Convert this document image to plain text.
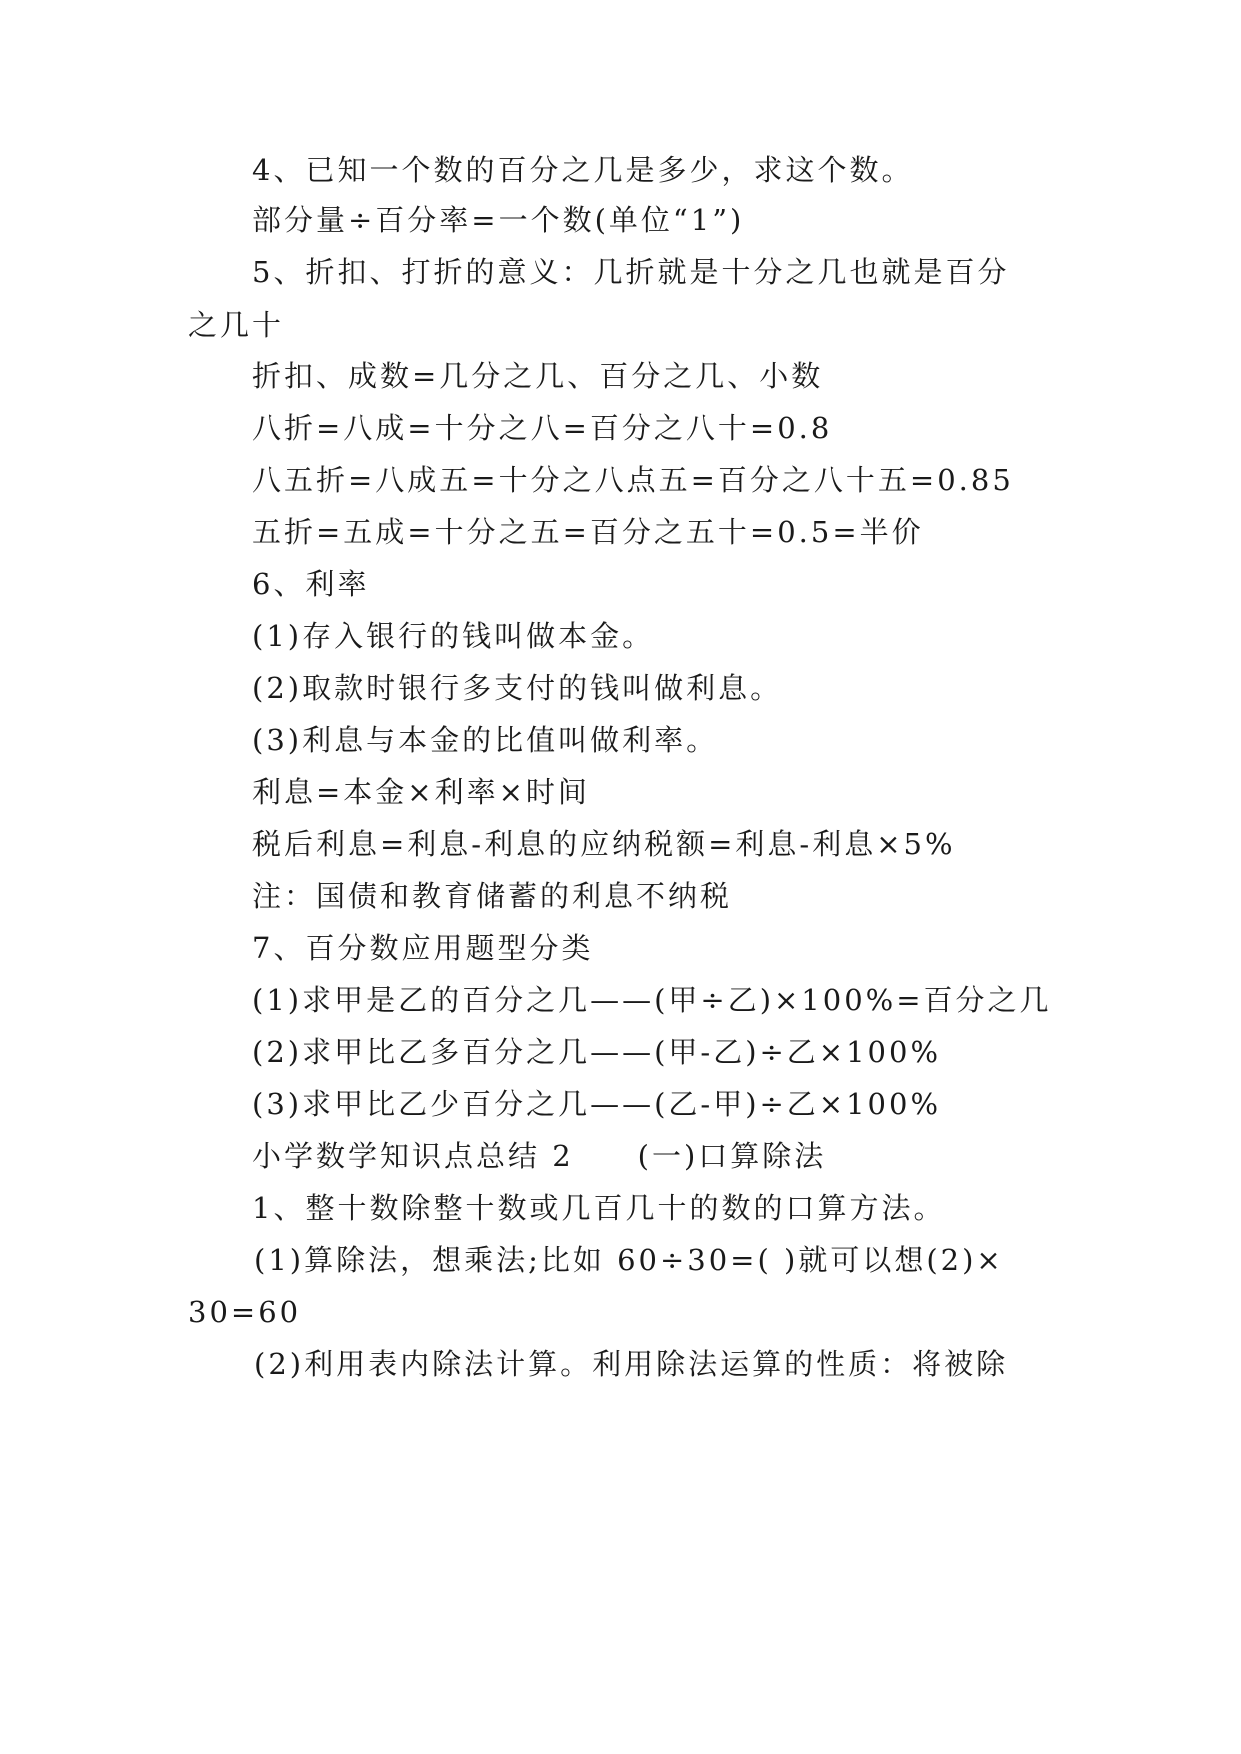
4、已知一个数的百分之几是多少，求这个数。
部分量÷百分率=一个数(单位“1”)
5、折扣、打折的意义：几折就是十分之几也就是百分
之几十
折扣、成数=几分之几、百分之几、小数
八折=八成=十分之八=百分之八十=0.8
八五折=八成五=十分之八点五=百分之八十五=0.85
五折=五成=十分之五=百分之五十=0.5=半价
6、利率
(1)存入银行的钱叫做本金。
(2)取款时银行多支付的钱叫做利息。
(3)利息与本金的比值叫做利率。
利息=本金×利率×时间
税后利息=利息-利息的应纳税额=利息-利息×5%
注：国债和教育储蓄的利息不纳税
7、百分数应用题型分类
(1)求甲是乙的百分之几——(甲÷乙)×100%=百分之几
(2)求甲比乙多百分之几——(甲-乙)÷乙×100%
(3)求甲比乙少百分之几——(乙-甲)÷乙×100%
小学数学知识点总结 2　　(一)口算除法
1、整十数除整十数或几百几十的数的口算方法。
(1)算除法，想乘法;比如 60÷30=( )就可以想(2)×
30=60
(2)利用表内除法计算。利用除法运算的性质：将被除
